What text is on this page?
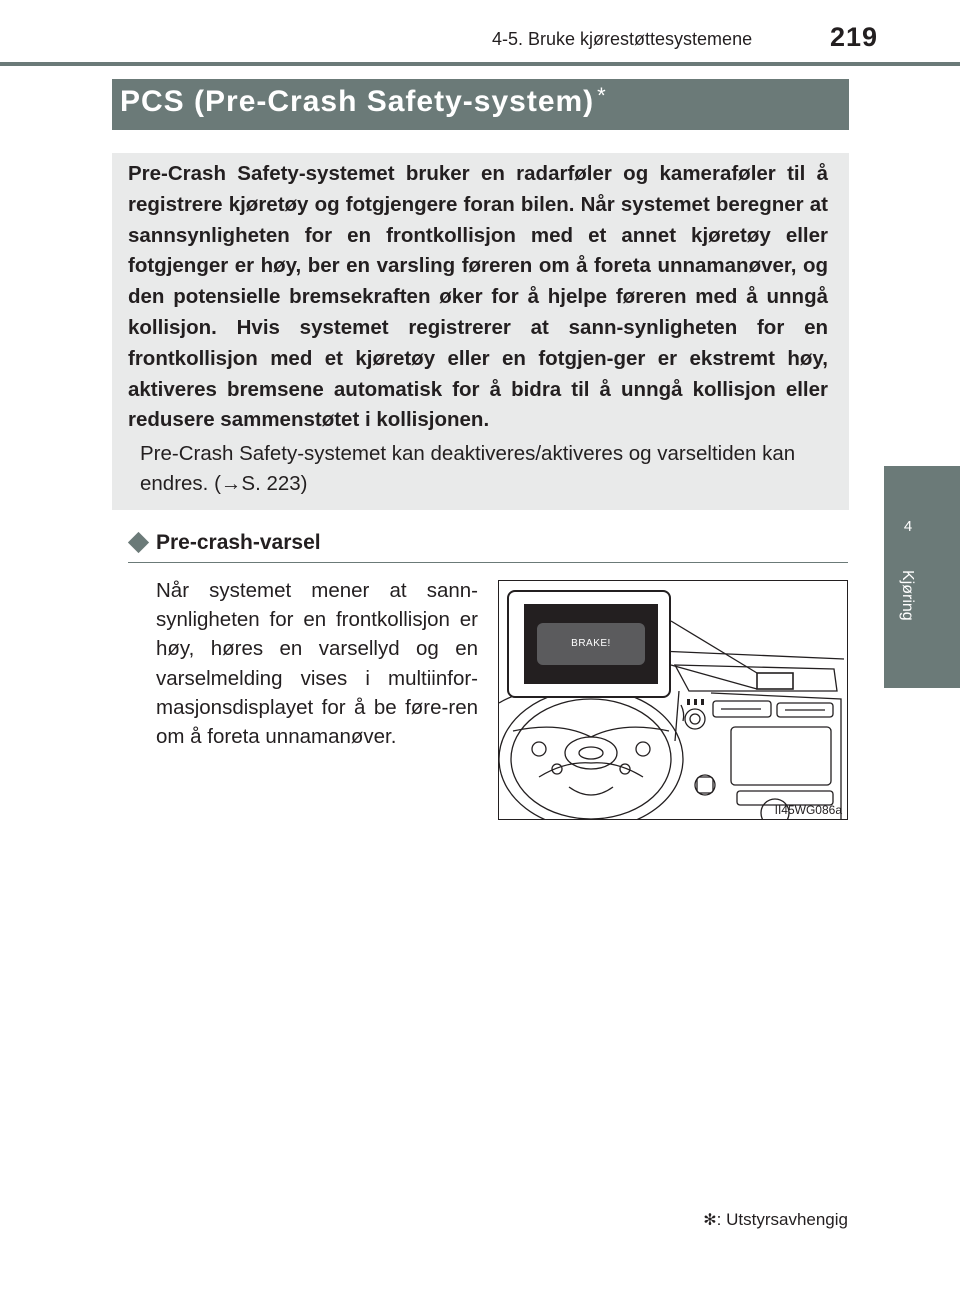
4-5. Bruke kjørestøttesystemene	219
4
Kjøring
PCS (Pre-Crash Safety-system) *

Pre-Crash Safety-systemet bruker en radarføler og kameraføler til å registrere kjøretøy og fotgjengere foran bilen. Når systemet beregner at sannsynligheten for en frontkollisjon med et annet kjøretøy eller fotgjenger er høy, ber en varsling føreren om å foreta unnamanøver, og den potensielle bremsekraften øker for å hjelpe føreren med å unngå kollisjon. Hvis systemet registrerer at sann-synligheten for en frontkollisjon med et kjøretøy eller en fotgjen-ger er ekstremt høy, aktiveres bremsene automatisk for å bidra til å unngå kollisjon eller redusere sammenstøtet i kollisjonen.

Pre-Crash Safety-systemet kan deaktiveres/aktiveres og varseltiden kan endres. (→S. 223)

Pre-crash-varsel

Når systemet mener at sann-synligheten for en frontkollisjon er høy, høres en varsellyd og en varselmelding vises i multiinfor-masjonsdisplayet for å be føre-ren om å foreta unnamanøver.

BRAKE!
II45WG086a
✻: Utstyrsavhengig
